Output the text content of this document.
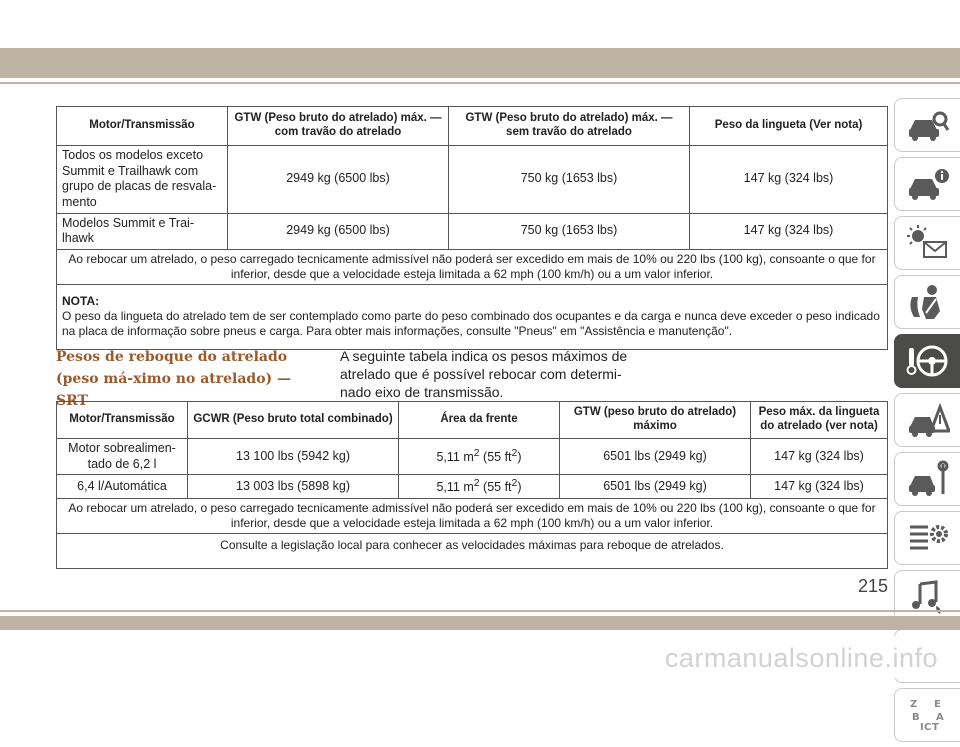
Motor/Transmissão	GTW (Peso bruto do atrelado) máx. — com travão do atrelado	GTW (Peso bruto do atrelado) máx. — sem travão do atrelado	Peso da lingueta (Ver nota)
Todos os modelos exceto Summit e Trailhawk com grupo de placas de resvala-mento	2949 kg (6500 lbs)	750 kg (1653 lbs)	147 kg (324 lbs)
Modelos Summit e Trai-lhawk	2949 kg (6500 lbs)	750 kg (1653 lbs)	147 kg (324 lbs)
Ao rebocar um atrelado, o peso carregado tecnicamente admissível não poderá ser excedido em mais de 10% ou 220 lbs (100 kg), consoante o que for inferior, desde que a velocidade esteja limitada a 62 mph (100 km/h) ou a um valor inferior.			
NOTA:
O peso da lingueta do atrelado tem de ser contemplado como parte do peso combinado dos ocupantes e da carga e nunca deve exceder o peso indicado na placa de informação sobre pneus e carga. Para obter mais informações, consulte "Pneus" em "Assistência e manutenção".			
Pesos de reboque do atrelado (peso má-ximo no atrelado) — SRT
A seguinte tabela indica os pesos máximos de atrelado que é possível rebocar com determi-nado eixo de transmissão.
Motor/Transmissão	GCWR (Peso bruto total combinado)	Área da frente	GTW (peso bruto do atrelado) máximo	Peso máx. da lingueta do atrelado (ver nota)
Motor sobrealimen-tado de 6,2 l	13 100 lbs (5942 kg)	5,11 $m^2$ (55 $ft^2$)	6501 lbs (2949 kg)	147 kg (324 lbs)
6,4 l/Automática	13 003 lbs (5898 kg)	5,11 $m^2$ (55 $ft^2$)	6501 lbs (2949 kg)	147 kg (324 lbs)
Ao rebocar um atrelado, o peso carregado tecnicamente admissível não poderá ser excedido em mais de 10% ou 220 lbs (100 kg), consoante o que for inferior, desde que a velocidade esteja limitada a 62 mph (100 km/h) ou a um valor inferior.				
Consulte a legislação local para conhecer as velocidades máximas para reboque de atrelados.				
Z E
B A
I C T
215
carmanualsonline.info
